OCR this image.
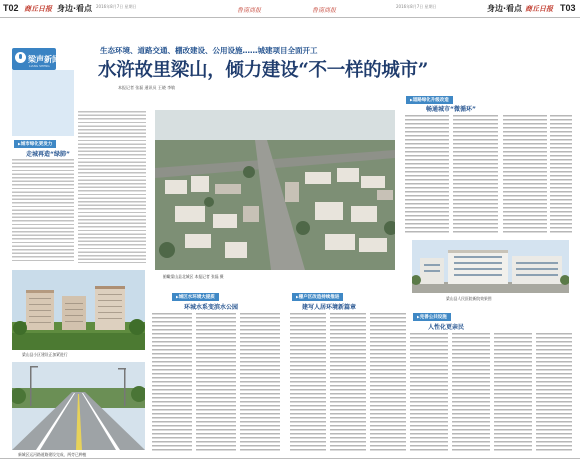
T02 商丘日报 身边·看点 2016年8月7日 星期日
鲁南商报	鲁南商报
2016年8月7日 星期日	身边·看点 商丘日报 T03
梁声新闻
LIANG SHENG
生态环境、道路交通、棚改建设、公用设施……城建项目全面开工
水浒故里梁山，倾力建设“不一样的城市”
本报记者 张磊 通讯员 王晓 李敏
▶ 城市绿化更发力
走城再造“绿肺”
梁山县小区建设正加紧进行
新城区运河路道路建设完成，两旁已种植
俯瞰梁山县北城区 本报记者 张磊 摄
▶ 道路绿化升级改造
畅通城市“微循环”
梁山县人民医院新院效果图
▶ 城区水环境大提质
环城水系变滨水公园
▶ 棚户区改造持续推进
建写人居环境新篇章
▶ 完善公共设施
人性化更亲民
